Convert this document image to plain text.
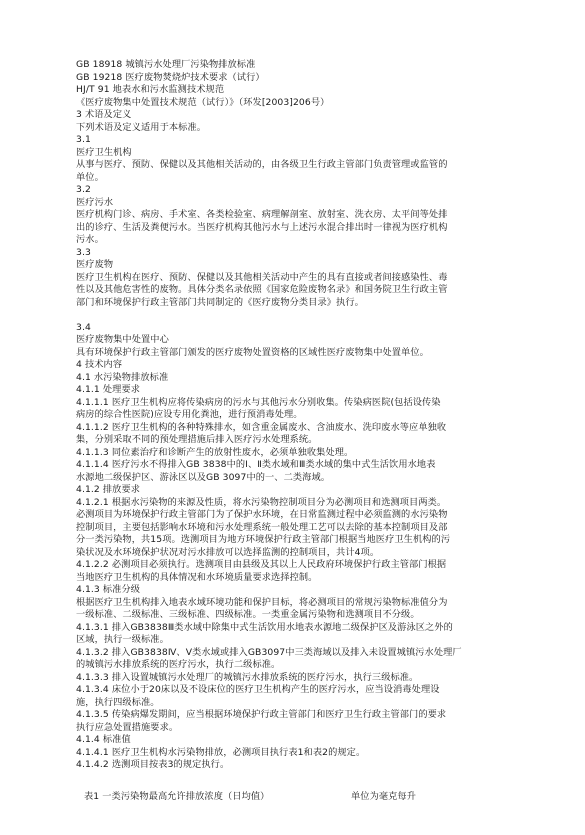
GB 18918 城镇污水处理厂污染物排放标准

GB 19218 医疗废物焚烧炉技术要求（试行）

HJ/T 91 地表水和污水监测技术规范

《医疗废物集中处置技术规范（试行）》（环发[2003]206号）

3 术语及定义

下列术语及定义适用于本标准。

3.1

医疗卫生机构

从事与医疗、预防、保健以及其他相关活动的，由各级卫生行政主管部门负责管理或监管的

单位。

3.2

医疗污水

医疗机构门诊、病房、手术室、各类检验室、病理解剖室、放射室、洗衣房、太平间等处排

出的诊疗、生活及粪便污水。当医疗机构其他污水与上述污水混合排出时一律视为医疗机构

污水。

3.3

医疗废物

医疗卫生机构在医疗、预防、保健以及其他相关活动中产生的具有直接或者间接感染性、毒

性以及其他危害性的废物。具体分类名录依照《国家危险废物名录》和国务院卫生行政主管

部门和环境保护行政主管部门共同制定的《医疗废物分类目录》执行。

3.4

医疗废物集中处置中心

具有环境保护行政主管部门颁发的医疗废物处置资格的区域性医疗废物集中处置单位。

4 技术内容

4.1 水污染物排放标准

4.1.1 处理要求

4.1.1.1 医疗卫生机构应将传染病房的污水与其他污水分别收集。传染病医院(包括设传染

病房的综合性医院)应设专用化粪池，进行预消毒处理。

4.1.1.2 医疗卫生机构的各种特殊排水，如含重金属废水、含油废水、洗印废水等应单独收

集，分别采取不同的预处理措施后排入医疗污水处理系统。

4.1.1.3 同位素治疗和诊断产生的放射性废水，必须单独收集处理。

4.1.1.4 医疗污水不得排入GB 3838中的Ⅰ、Ⅱ类水域和Ⅲ类水域的集中式生活饮用水地表

水源地二级保护区、游泳区以及GB 3097中的一、二类海域。

4.1.2 排放要求

4.1.2.1 根据水污染物的来源及性质，将水污染物控制项目分为必测项目和选测项目两类。

必测项目为环境保护行政主管部门为了保护水环境，在日常监测过程中必须监测的水污染物

控制项目，主要包括影响水环境和污水处理系统一般处理工艺可以去除的基本控制项目及部

分一类污染物，共15项。选测项目为地方环境保护行政主管部门根据当地医疗卫生机构的污

染状况及水环境保护状况对污水排放可以选择监测的控制项目，共计4项。

4.1.2.2 必测项目必须执行。选测项目由县级及其以上人民政府环境保护行政主管部门根据

当地医疗卫生机构的具体情况和水环境质量要求选择控制。

4.1.3 标准分级

根据医疗卫生机构排入地表水域环境功能和保护目标，将必测项目的常规污染物标准值分为

一级标准、二级标准、三级标准、四级标准。一类重金属污染物和选测项目不分级。

4.1.3.1 排入GB3838Ⅲ类水域中除集中式生活饮用水地表水源地二级保护区及游泳区之外的

区域，执行一级标准。

4.1.3.2 排入GB3838Ⅳ、Ⅴ类水域或排入GB3097中三类海域以及排入未设置城镇污水处理厂

的城镇污水排放系统的医疗污水，执行二级标准。

4.1.3.3 排入设置城镇污水处理厂的城镇污水排放系统的医疗污水，执行三级标准。

4.1.3.4 床位小于20床以及不设床位的医疗卫生机构产生的医疗污水，应当设消毒处理设

施，执行四级标准。

4.1.3.5 传染病爆发期间，应当根据环境保护行政主管部门和医疗卫生行政主管部门的要求

执行应急处置措施要求。

4.1.4 标准值

4.1.4.1 医疗卫生机构水污染物排放，必测项目执行表1和表2的规定。

4.1.4.2 选测项目按表3的规定执行。

表1 一类污染物最高允许排放浓度（日均值）	单位为毫克每升
